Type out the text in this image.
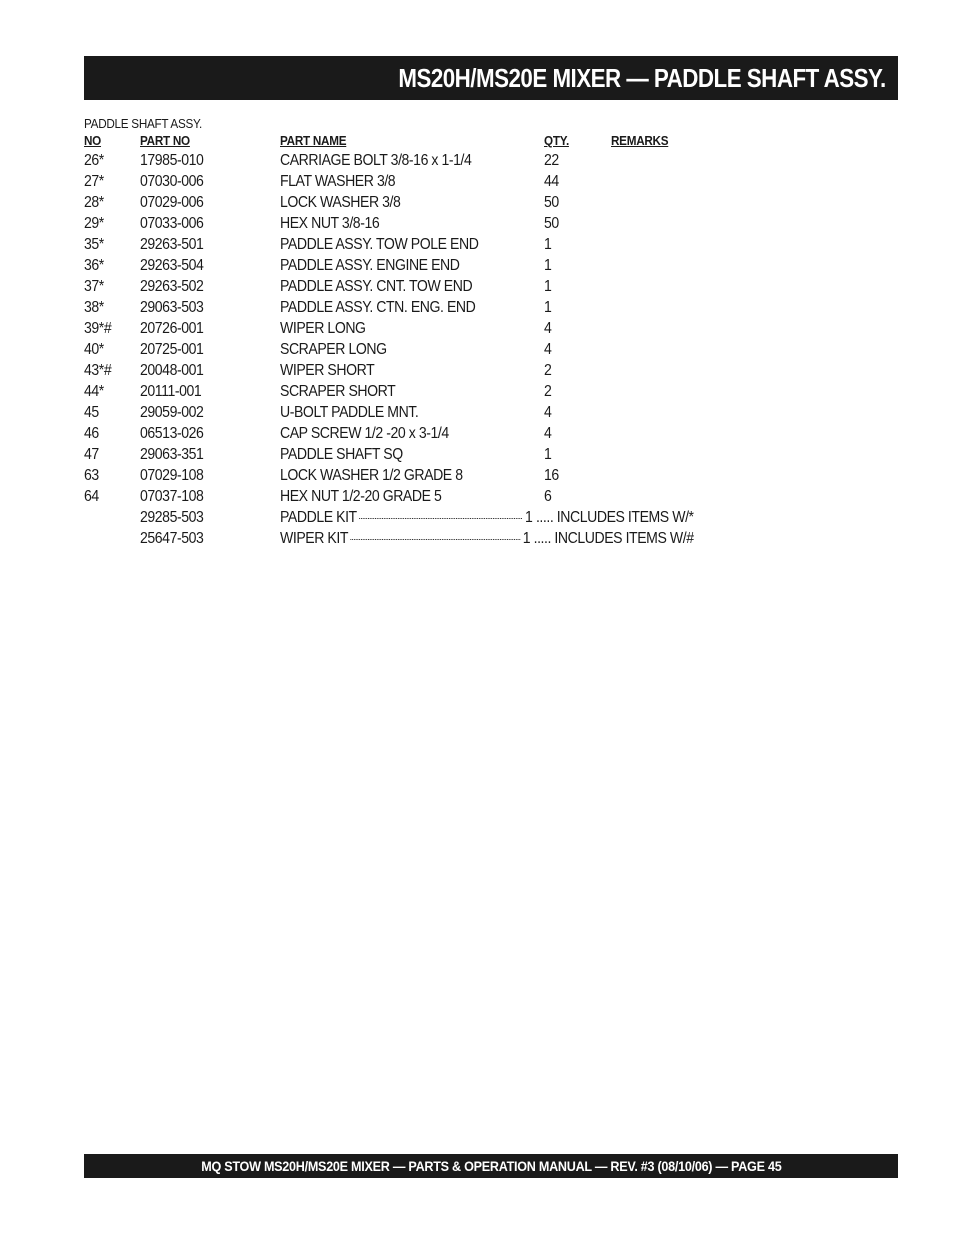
MS20H/MS20E MIXER — PADDLE SHAFT ASSY.
PADDLE SHAFT ASSY.
NO	PART NO	PART NAME	QTY.	REMARKS
26* 17985-010	CARRIAGE BOLT 3/8-16 x 1-1/4	22
27* 07030-006	FLAT WASHER 3/8	44
28* 07029-006	LOCK WASHER 3/8	50
29* 07033-006	HEX NUT 3/8-16	50
35* 29263-501	PADDLE ASSY. TOW POLE END	1
36* 29263-504	PADDLE ASSY. ENGINE END	1
37* 29263-502	PADDLE ASSY. CNT. TOW END	1
38* 29063-503	PADDLE ASSY. CTN. ENG. END	1
39*# 20726-001	WIPER LONG	4
40* 20725-001	SCRAPER LONG	4
43*# 20048-001	WIPER SHORT	2
44* 20111-001	SCRAPER SHORT	2
45	29059-002	U-BOLT PADDLE MNT.	4
46	06513-026	CAP SCREW 1/2 -20 x 3-1/4	4
47	29063-351	PADDLE SHAFT SQ	1
63	07029-108	LOCK WASHER 1/2 GRADE 8	16
64	07037-108	HEX NUT 1/2-20 GRADE 5	6
29285-503	PADDLE KIT	1 ..... INCLUDES ITEMS W/*
25647-503	WIPER KIT	1 ..... INCLUDES ITEMS W/#
MQ STOW MS20H/MS20E MIXER — PARTS & OPERATION MANUAL — REV. #3 (08/10/06) — PAGE 45
